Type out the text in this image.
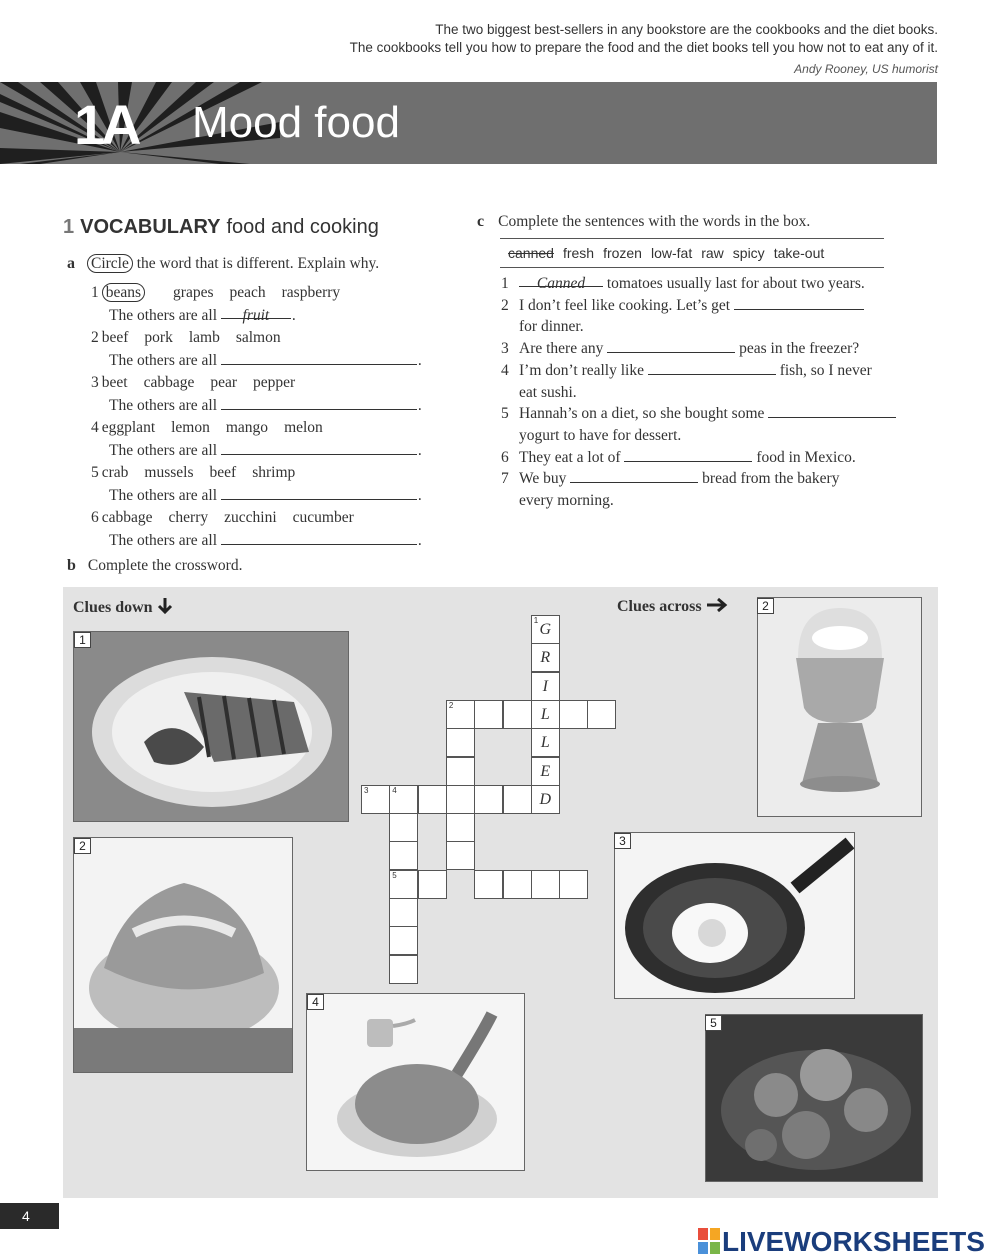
The two biggest best-sellers in any bookstore are the cookbooks and the diet books.
The cookbooks tell you how to prepare the food and the diet books tell you how not to eat any of it.
Andy Rooney, US humorist
1A Mood food
1 VOCABULARY food and cooking
a Circle the word that is different. Explain why.
1 beans grapes peach raspberry
The others are all fruit .
2 beef pork lamb salmon
The others are all	.
3 beet cabbage pear pepper
The others are all	.
4 eggplant lemon mango melon
The others are all	.
5 crab mussels beef shrimp
The others are all	.
6 cabbage cherry zucchini cucumber
The others are all	.
b Complete the crossword.
c Complete the sentences with the words in the box.
canned fresh frozen low-fat raw spicy take-out
1 Canned tomatoes usually last for about two years.
2 I don’t feel like cooking. Let’s get
for dinner.
3 Are there any	peas in the freezer?
4 I’m don’t really like	fish, so I never
eat sushi.
5 Hannah’s on a diet, so she bought some
yogurt to have for dessert.
6 They eat a lot of	food in Mexico.
7 We buy	bread from the bakery
every morning.
Clues down	Clues across
1
2
4
2
3
5
1
G
R
I
L
L
E
D
2
3	4
5
4
LIVEWORKSHEETS
